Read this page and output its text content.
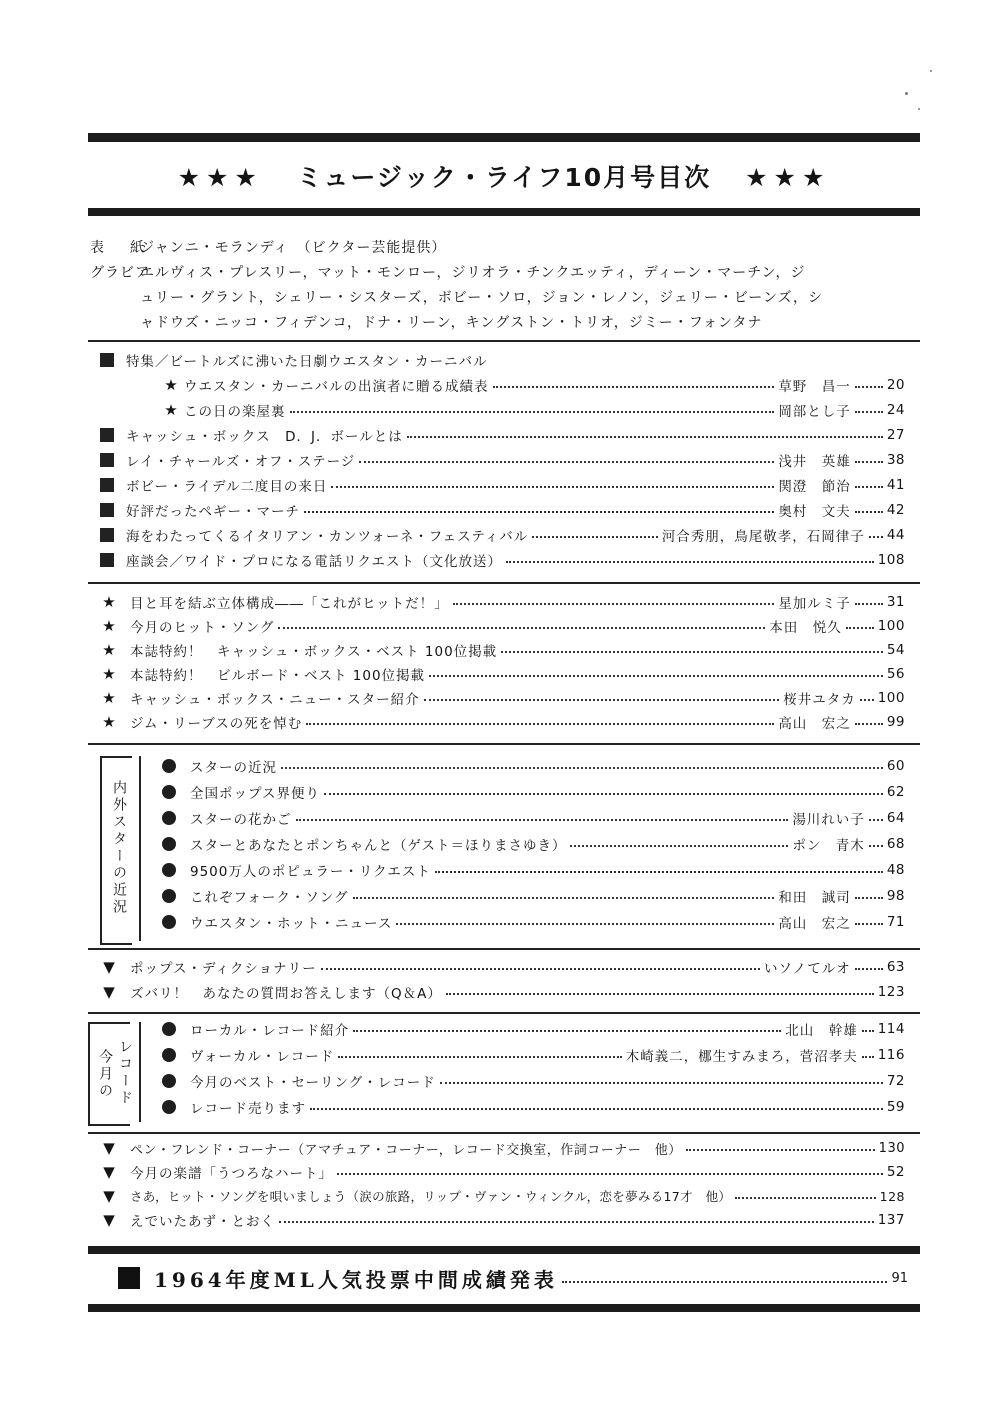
★★★ ミュージック・ライフ10月号目次 ★★★
表　紙ジャンニ・モランディ　（ビクター芸能提供）
グラビアエルヴィス・プレスリー，マット・モンロー，ジリオラ・チンクエッティ，ディーン・マーチン，ジ
ュリー・グラント，シェリー・シスターズ，ボビー・ソロ，ジョン・レノン，ジェリー・ビーンズ，シ
ャドウズ・ニッコ・フィデンコ，ドナ・リーン，キングストン・トリオ，ジミー・フォンタナ
特集／ビートルズに沸いた日劇ウエスタン・カーニバル
★ ウエスタン・カーニバルの出演者に贈る成績表	草野　昌一	20
★ この日の楽屋裏	岡部とし子	24
キャッシュ・ボックス　D．J．ボールとは	27
レイ・チャールズ・オフ・ステージ	浅井　英雄	38
ボビー・ライデル二度目の来日	関澄　節治	41
好評だったペギー・マーチ	奥村　文夫	42
海をわたってくるイタリアン・カンツォーネ・フェスティバル	河合秀朋，鳥尾敬孝，石岡律子 44
座談会／ワイド・プロになる電話リクエスト（文化放送）	108
★	目と耳を結ぶ立体構成――「これがヒットだ！」	星加ルミ子	31
★	今月のヒット・ソング	本田　悦久	100
★	本誌特約！　キャッシュ・ボックス・ベスト 100位掲載	54
★	本誌特約！　ビルボード・ベスト 100位掲載	56
★	キャッシュ・ボックス・ニュー・スター紹介	桜井ユタカ 100
★	ジム・リーブスの死を悼む	高山　宏之	99
内外スターの近況
スターの近況	60
全国ポップス界便り	62
スターの花かご	湯川れい子 64
スターとあなたとポンちゃんと（ゲスト＝ほりまさゆき）	ポン　青木 68
9500万人のポピュラー・リクエスト	48
これぞフォーク・ソング	和田　誠司	98
ウエスタン・ホット・ニュース	高山　宏之	71
▼	ポップス・ディクショナリー	いソノてルオ	63
▼	ズバリ！　あなたの質問お答えします（Q＆A）	123
レコード
今月の
ローカル・レコード紹介	北山　幹雄 114
ヴォーカル・レコード	木崎義二，梛生すみまろ，菅沼孝夫 116
今月のベスト・セーリング・レコード	72
レコード売ります	59
▼	ペン・フレンド・コーナー（アマチュア・コーナー，レコード交換室，作詞コーナー　他）	130
▼	今月の楽譜「うつろなハート」	52
▼	さあ，ヒット・ソングを唄いましょう（涙の旅路，リップ・ヴァン・ウィンクル，恋を夢みる17才　他）	128
▼	えでいたあず・とおく	137
1964年度ML人気投票中間成績発表	91
